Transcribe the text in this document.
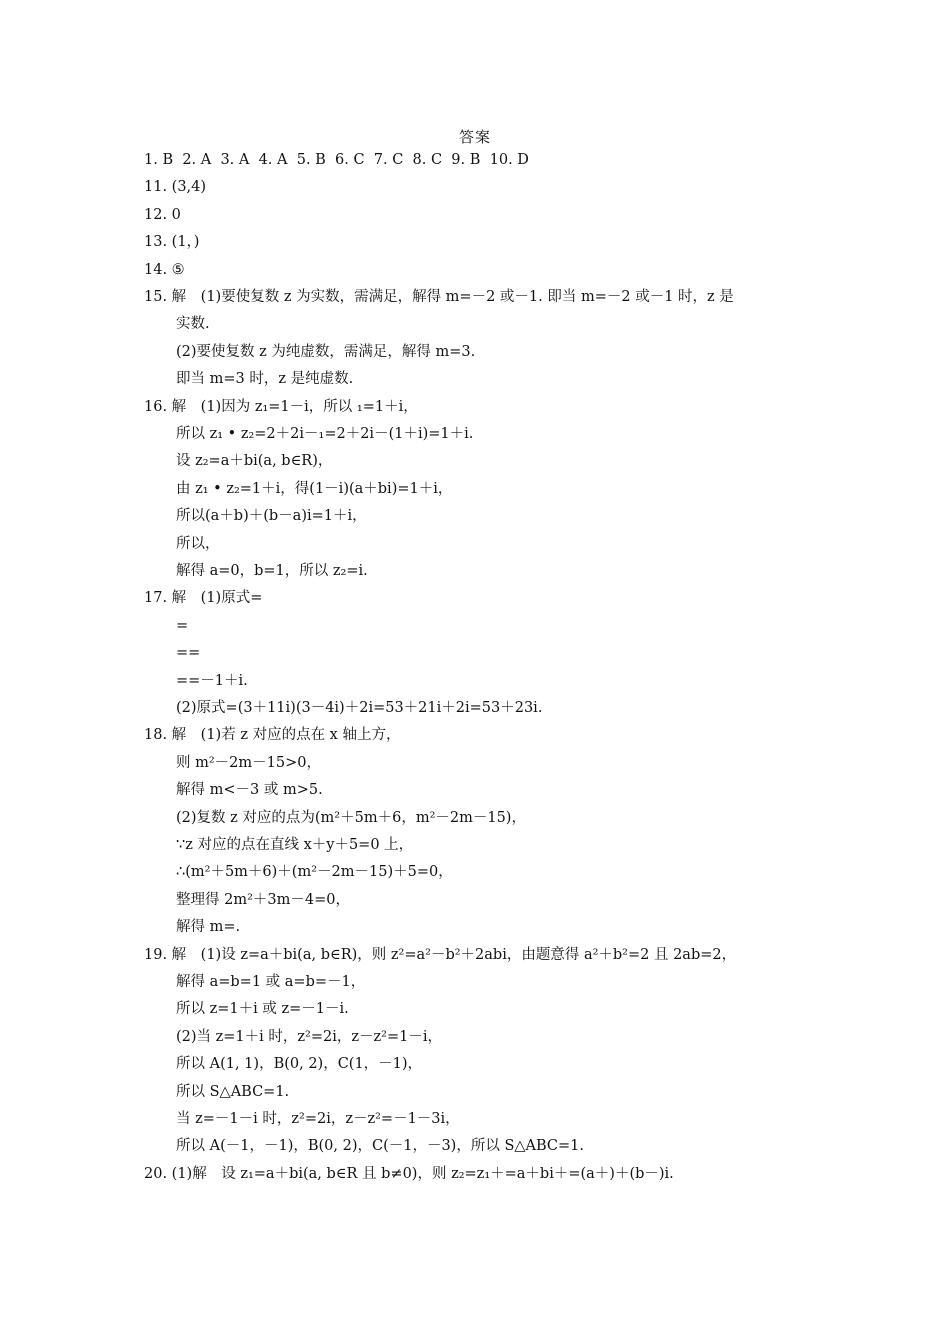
答案
1. B  2. A  3. A  4. A  5. B  6. C  7. C  8. C  9. B  10. D
11. (3,4)
12. 0
13. (1，)
14. ⑤
15. 解　(1)要使复数 z 为实数，需满足，解得 m=－2 或－1. 即当 m=－2 或－1 时，z 是
实数.
(2)要使复数 z 为纯虚数，需满足，解得 m=3.
即当 m=3 时，z 是纯虚数.
16. 解　(1)因为 z₁=1－i，所以 ₁=1＋i，
所以 z₁ • z₂=2＋2i－₁=2＋2i－(1＋i)=1＋i.
设 z₂=a＋bi(a, b∈R)，
由 z₁ • z₂=1＋i，得(1－i)(a＋bi)=1＋i，
所以(a＋b)＋(b－a)i=1＋i，
所以，
解得 a=0，b=1，所以 z₂=i.
17. 解　(1)原式=
=
==
==－1＋i.
(2)原式=(3＋11i)(3－4i)＋2i=53＋21i＋2i=53＋23i.
18. 解　(1)若 z 对应的点在 x 轴上方，
则 m²－2m－15>0，
解得 m<－3 或 m>5.
(2)复数 z 对应的点为(m²＋5m＋6，m²－2m－15)，
∵z 对应的点在直线 x＋y＋5=0 上，
∴(m²＋5m＋6)＋(m²－2m－15)＋5=0，
整理得 2m²＋3m－4=0，
解得 m=.
19. 解　(1)设 z=a＋bi(a, b∈R)，则 z²=a²－b²＋2abi，由题意得 a²＋b²=2 且 2ab=2，
解得 a=b=1 或 a=b=－1，
所以 z=1＋i 或 z=－1－i.
(2)当 z=1＋i 时，z²=2i，z－z²=1－i，
所以 A(1, 1)，B(0, 2)，C(1，－1)，
所以 S△ABC=1.
当 z=－1－i 时，z²=2i，z－z²=－1－3i，
所以 A(－1，－1)，B(0, 2)，C(－1，－3)，所以 S△ABC=1.
20. (1)解　设 z₁=a＋bi(a, b∈R 且 b≠0)，则 z₂=z₁＋=a＋bi＋=(a＋)＋(b－)i.
